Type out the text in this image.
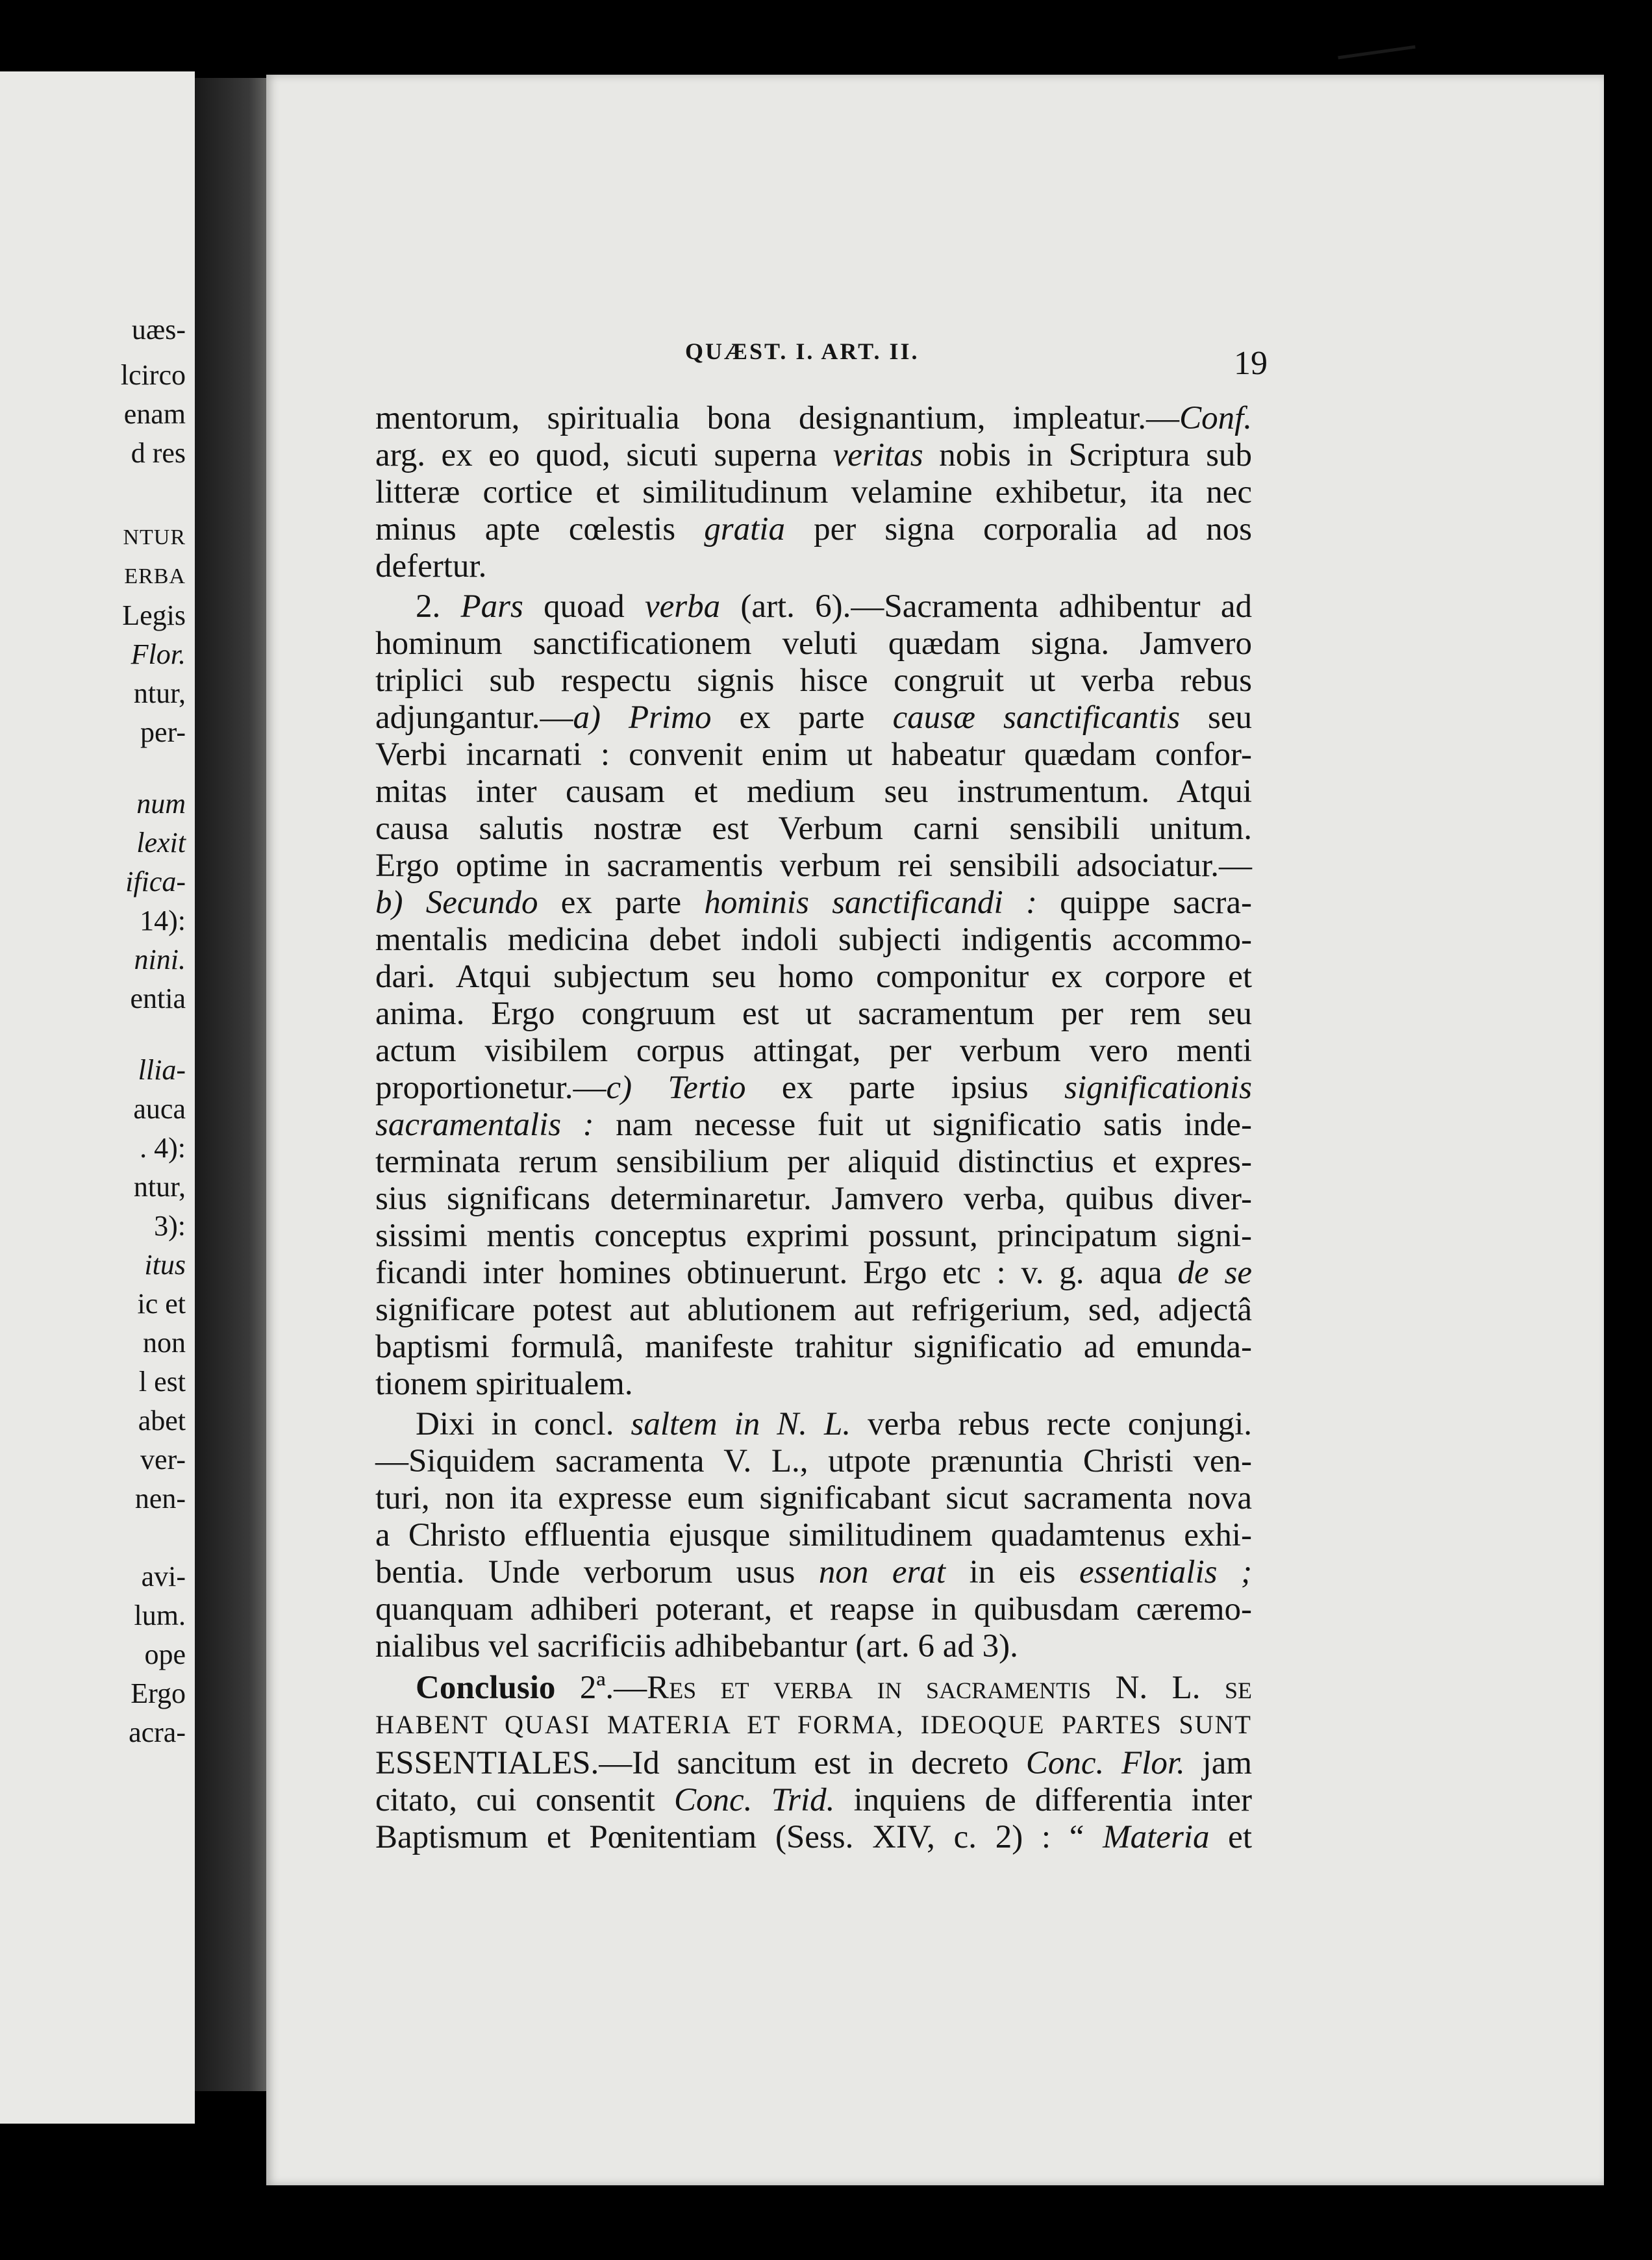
uæs-
lcirco
enam
d res
NTUR
ERBA
Legis
Flor.
ntur,
per-
num
lexit
ifica-
14):
nini.
entia
llia-
auca
. 4):
ntur,
3):
itus
ic et
non
l est
abet
ver-
nen-
avi-
lum.
ope
Ergo
acra-
QUÆST. I. ART. II.	19
mentorum, spiritualia bona designantium, impleatur.—Conf.
arg. ex eo quod, sicuti superna veritas nobis in Scriptura sub
litteræ cortice et similitudinum velamine exhibetur, ita nec
minus apte cœlestis gratia per signa corporalia ad nos
defertur.
2. Pars quoad verba (art. 6).—Sacramenta adhibentur ad
hominum sanctificationem veluti quædam signa. Jamvero
triplici sub respectu signis hisce congruit ut verba rebus
adjungantur.—a) Primo ex parte causæ sanctificantis seu
Verbi incarnati : convenit enim ut habeatur quædam confor-
mitas inter causam et medium seu instrumentum. Atqui
causa salutis nostræ est Verbum carni sensibili unitum.
Ergo optime in sacramentis verbum rei sensibili adsociatur.—
b) Secundo ex parte hominis sanctificandi : quippe sacra-
mentalis medicina debet indoli subjecti indigentis accommo-
dari. Atqui subjectum seu homo componitur ex corpore et
anima. Ergo congruum est ut sacramentum per rem seu
actum visibilem corpus attingat, per verbum vero menti
proportionetur.—c) Tertio ex parte ipsius significationis
sacramentalis : nam necesse fuit ut significatio satis inde-
terminata rerum sensibilium per aliquid distinctius et expres-
sius significans determinaretur. Jamvero verba, quibus diver-
sissimi mentis conceptus exprimi possunt, principatum signi-
ficandi inter homines obtinuerunt. Ergo etc : v. g. aqua de se
significare potest aut ablutionem aut refrigerium, sed, adjectâ
baptismi formulâ, manifeste trahitur significatio ad emunda-
tionem spiritualem.
Dixi in concl. saltem in N. L. verba rebus recte conjungi.
—Siquidem sacramenta V. L., utpote prænuntia Christi ven-
turi, non ita expresse eum significabant sicut sacramenta nova
a Christo effluentia ejusque similitudinem quadamtenus exhi-
bentia. Unde verborum usus non erat in eis essentialis ;
quanquam adhiberi poterant, et reapse in quibusdam cæremo-
nialibus vel sacrificiis adhibebantur (art. 6 ad 3).
Conclusio 2ª.—Res et verba in sacramentis N. L. se
HABENT QUASI MATERIA ET FORMA, IDEOQUE PARTES SUNT
ESSENTIALES.—Id sancitum est in decreto Conc. Flor. jam
citato, cui consentit Conc. Trid. inquiens de differentia inter
Baptismum et Pœnitentiam (Sess. XIV, c. 2) : “ Materia et
